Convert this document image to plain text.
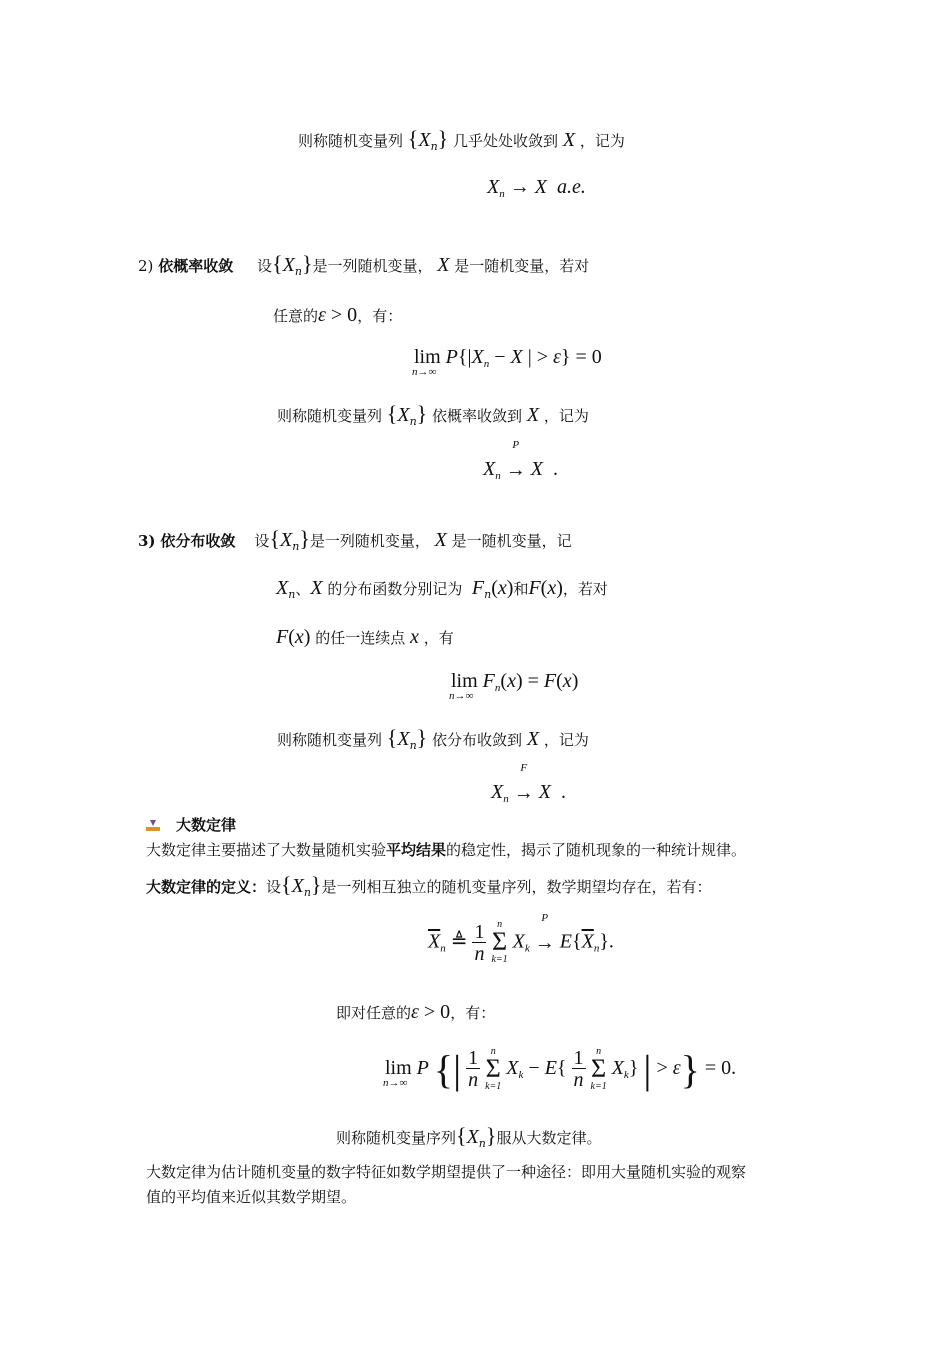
则称随机变量列 $\{X_n\}$ 几乎处处收敛到 X ，记为
$X_n \to X$ a.e.
2) 依概率收敛 设$\{X_n\}$是一列随机变量， X 是一随机变量，若对
任意的ε > 0，有：
lim
n→∞
$P\{|X_n - X$ | > ε} = 0
则称随机变量列 $\{X_n\}$ 依概率收敛到 X ，记为
$X_n$ →
P
X  .
3) 依分布收敛 设$\{X_n\}$是一列随机变量， X 是一随机变量，记
$X_n$、X 的分布函数分别记为 $F_n(x)$和F(x)，若对
F(x) 的任一连续点 x ，有
lim
n→∞
$F_n(x) = F(x)$
则称随机变量列 $\{X_n\}$ 依分布收敛到 X ，记为
$X_n$ →
F
X  .
大数定律
大数定律主要描述了大数量随机实验平均结果的稳定性，揭示了随机现象的一种统计规律。
大数定律的定义：设$\{X_n\}$是一列相互独立的随机变量序列，数学期望均存在，若有：
$\overline{X}_n$ ≜ $\frac{1}{n}$
	n
Σ
k=1
$X_k$ →
P
$E\{\overline{X}_n\}$.
即对任意的ε > 0，有：
lim
n→∞
P {| $\frac{1}{n}$
	n
Σ
k=1
$X_k - E\{ \frac{1}{n}$
	n
Σ
k=1
$X_k$} | > ε} = 0.
则称随机变量序列$\{X_n\}$服从大数定律。
大数定律为估计随机变量的数字特征如数学期望提供了一种途径：即用大量随机实验的观察
值的平均值来近似其数学期望。
